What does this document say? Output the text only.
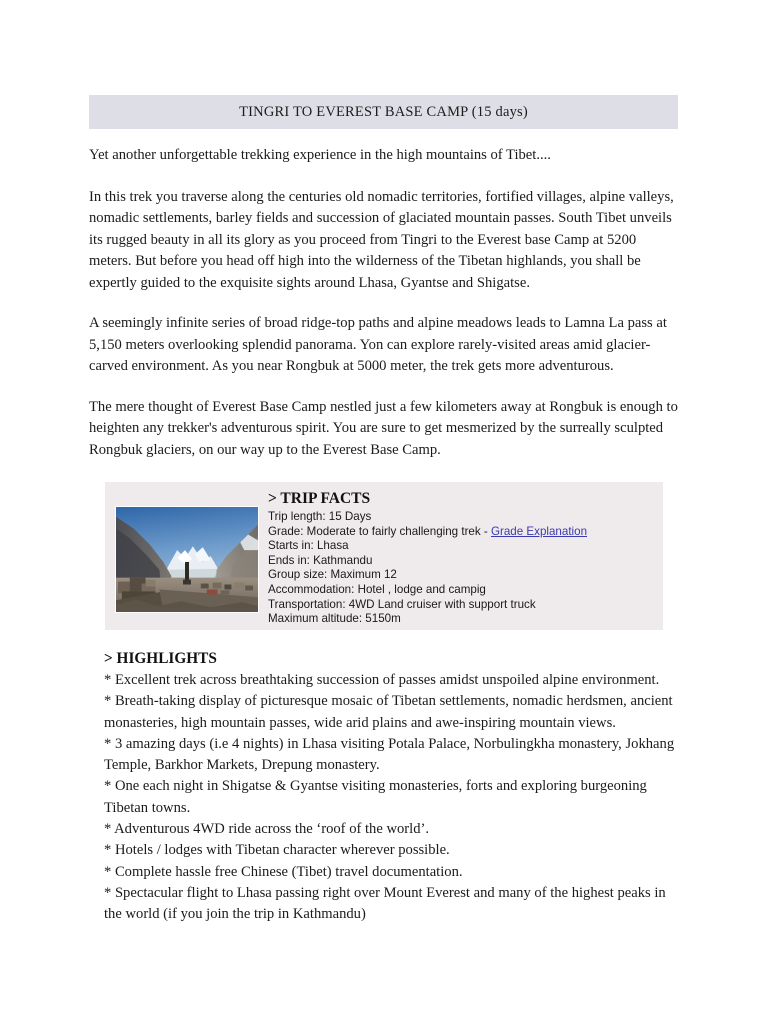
TINGRI TO EVEREST BASE CAMP (15 days)

Yet another unforgettable trekking experience in the high mountains of Tibet....

In this trek you traverse along the centuries old nomadic territories, fortified villages, alpine valleys, nomadic settlements, barley fields and succession of glaciated mountain passes. South Tibet unveils its rugged beauty in all its glory as you proceed from Tingri to the Everest base Camp at 5200 meters. But before you head off high into the wilderness of the Tibetan highlands, you shall be expertly guided to the exquisite sights around Lhasa, Gyantse and Shigatse.

A seemingly infinite series of broad ridge-top paths and alpine meadows leads to Lamna La pass at 5,150 meters overlooking splendid panorama. Yon can explore rarely-visited areas amid glacier-carved environment. As you near Rongbuk at 5000 meter, the trek gets more adventurous.

The mere thought of Everest Base Camp nestled just a few kilometers away at Rongbuk is enough to heighten any trekker's adventurous spirit. You are sure to get mesmerized by the surreally sculpted Rongbuk glaciers, on our way up to the Everest Base Camp.

> TRIP FACTS
Trip length: 15 Days
Grade: Moderate to fairly challenging trek - Grade Explanation
Starts in: Lhasa
Ends in: Kathmandu
Group size: Maximum 12
Accommodation: Hotel , lodge and campig
Transportation: 4WD Land cruiser with support truck
Maximum altitude: 5150m
> HIGHLIGHTS

* Excellent trek across breathtaking succession of passes amidst unspoiled alpine environment.

* Breath-taking display of picturesque mosaic of Tibetan settlements, nomadic herdsmen, ancient monasteries, high mountain passes, wide arid plains and awe-inspiring mountain views.

* 3 amazing days (i.e 4 nights) in Lhasa visiting Potala Palace, Norbulingkha monastery, Jokhang Temple, Barkhor Markets, Drepung monastery.

* One each night in Shigatse & Gyantse visiting monasteries, forts and exploring burgeoning Tibetan towns.

* Adventurous 4WD ride across the ‘roof of the world’.

* Hotels / lodges with Tibetan character wherever possible.

* Complete hassle free Chinese (Tibet) travel documentation.

* Spectacular flight to Lhasa passing right over Mount Everest and many of the highest peaks in the world (if you join the trip in Kathmandu)
